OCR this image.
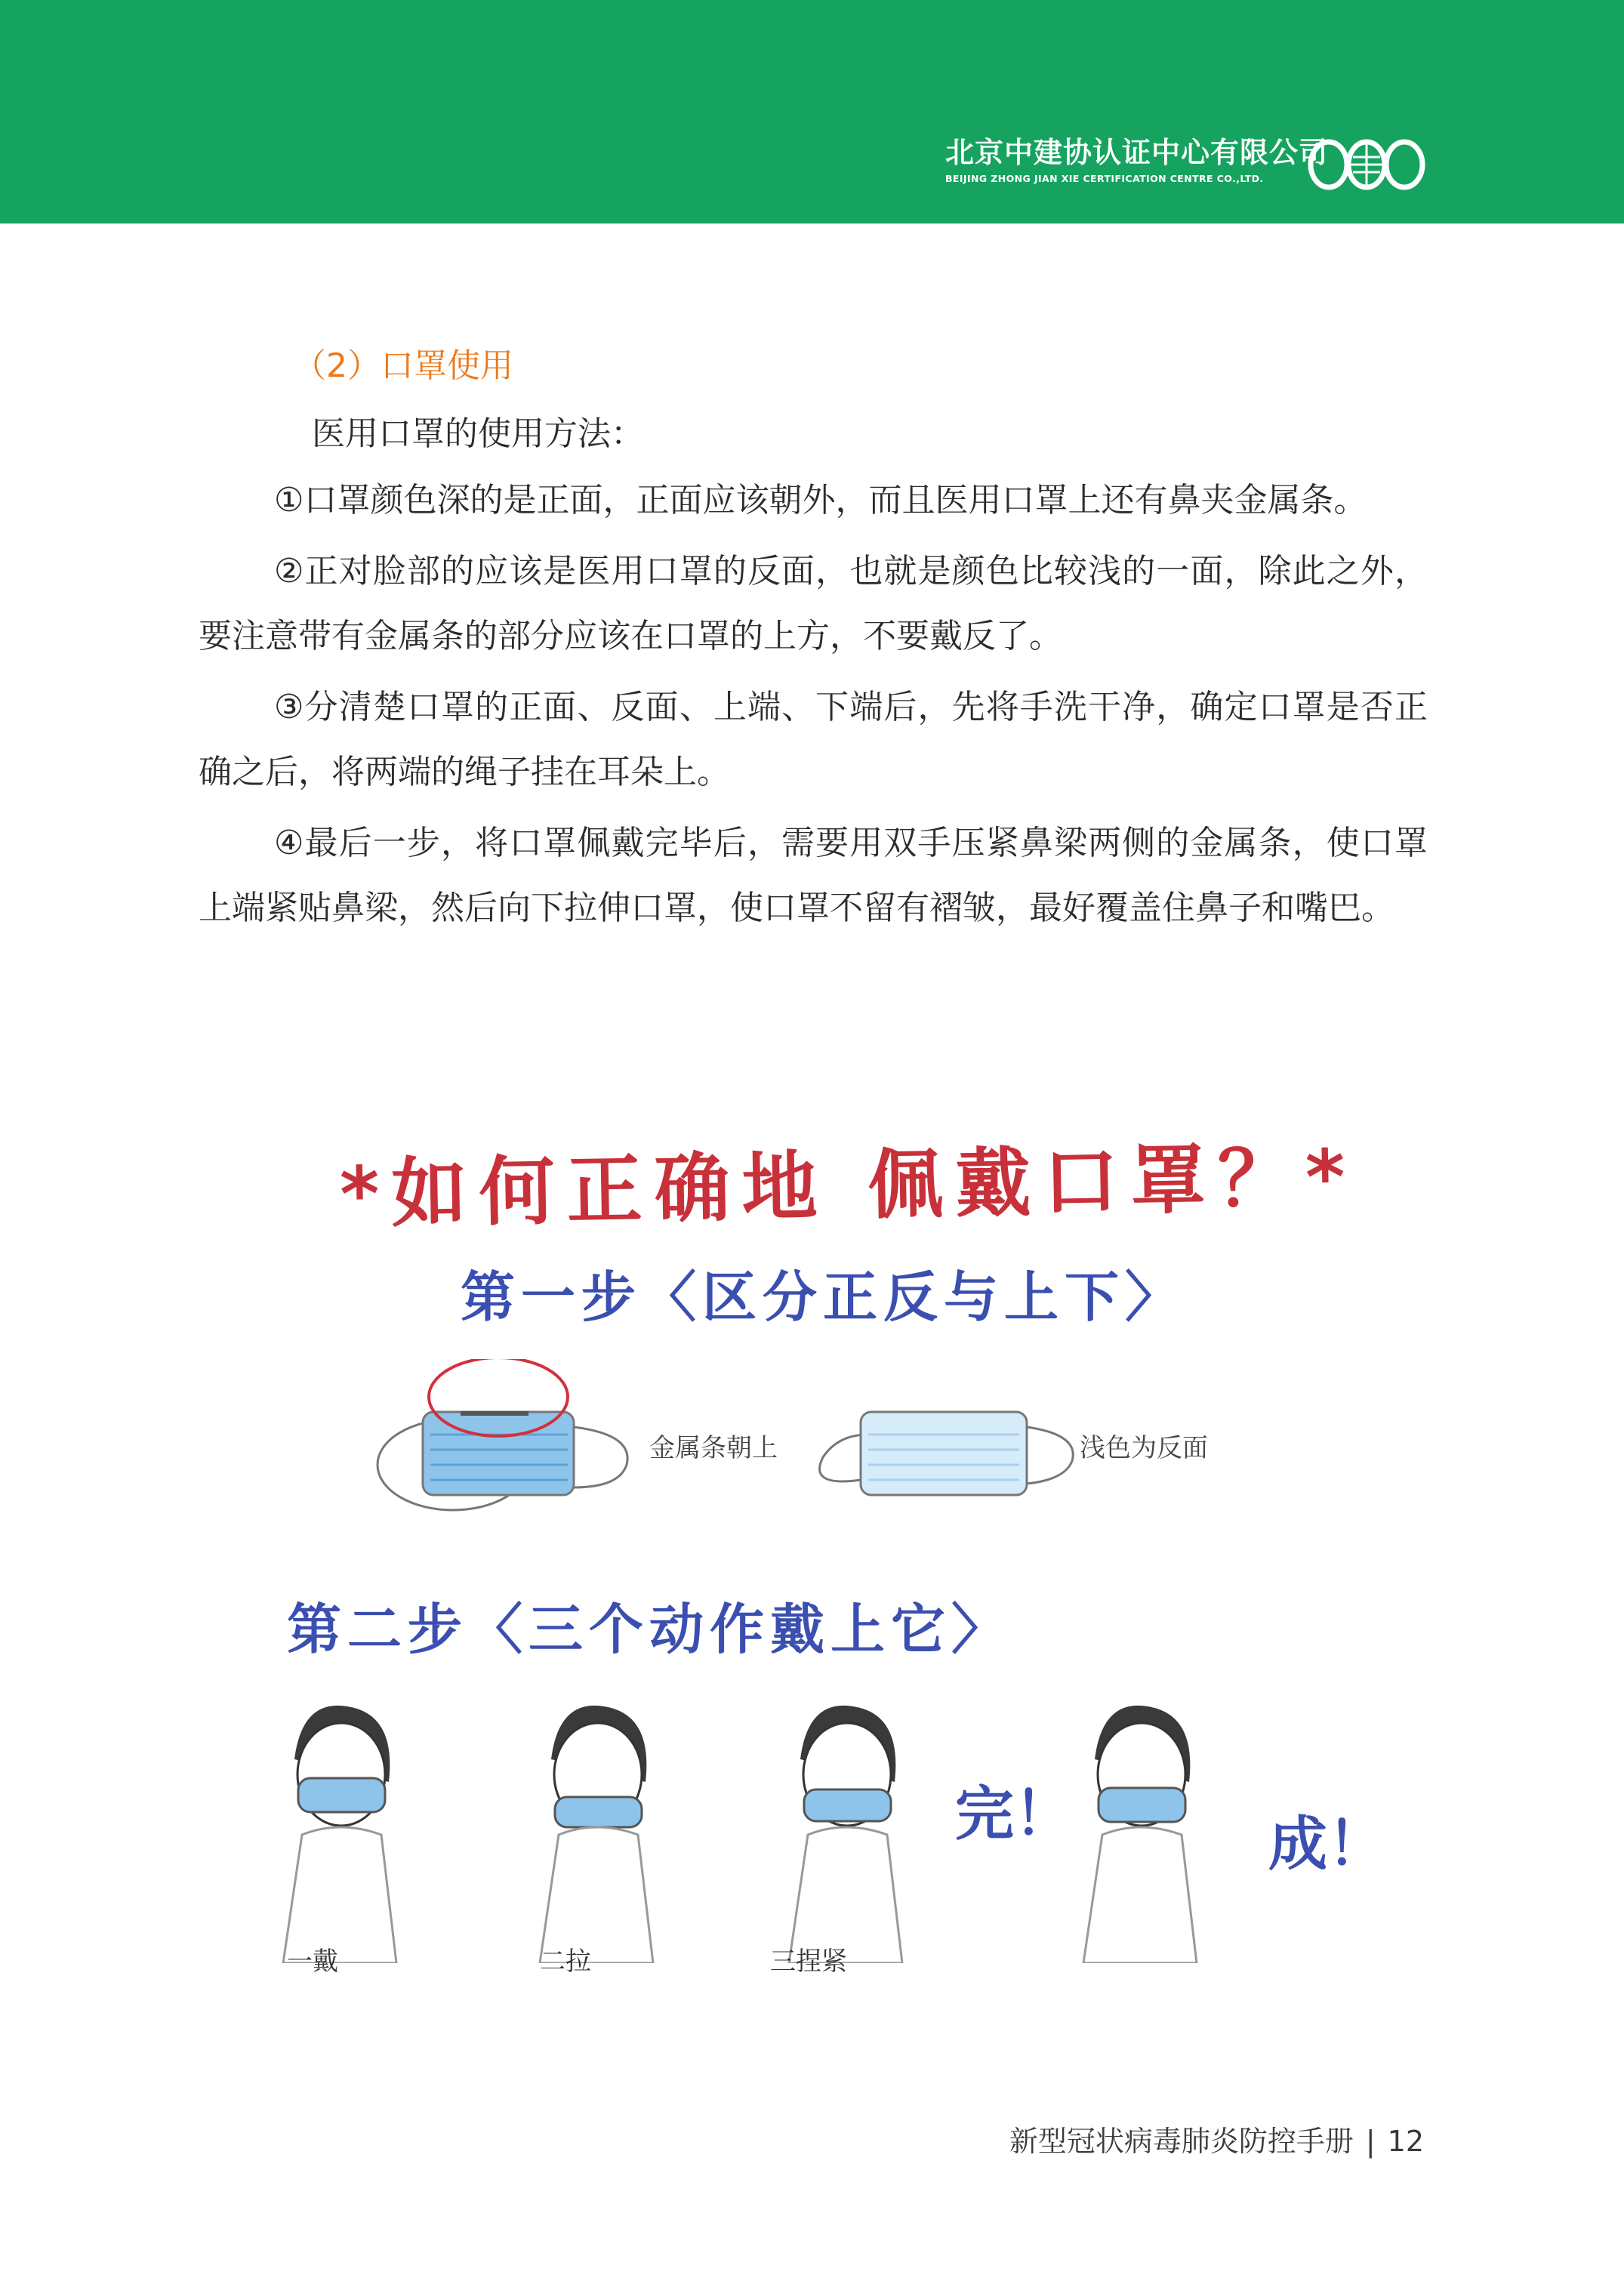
北京中建协认证中心有限公司
BEIJING ZHONG JIAN XIE CERTIFICATION CENTRE CO.,LTD.
（2）口罩使用
医用口罩的使用方法：

①口罩颜色深的是正面，正面应该朝外，而且医用口罩上还有鼻夹金属条。

②正对脸部的应该是医用口罩的反面，也就是颜色比较浅的一面，除此之外，要注意带有金属条的部分应该在口罩的上方，不要戴反了。

③分清楚口罩的正面、反面、上端、下端后，先将手洗干净，确定口罩是否正确之后，将两端的绳子挂在耳朵上。

④最后一步，将口罩佩戴完毕后，需要用双手压紧鼻梁两侧的金属条，使口罩上端紧贴鼻梁，然后向下拉伸口罩，使口罩不留有褶皱，最好覆盖住鼻子和嘴巴。

*如何正确地 佩戴口罩？*
第一步〈区分正反与上下〉
金属条朝上	浅色为反面
第二步〈三个动作戴上它〉
完！	成！
一戴	二拉	三捏紧
新型冠状病毒肺炎防控手册 | 12
